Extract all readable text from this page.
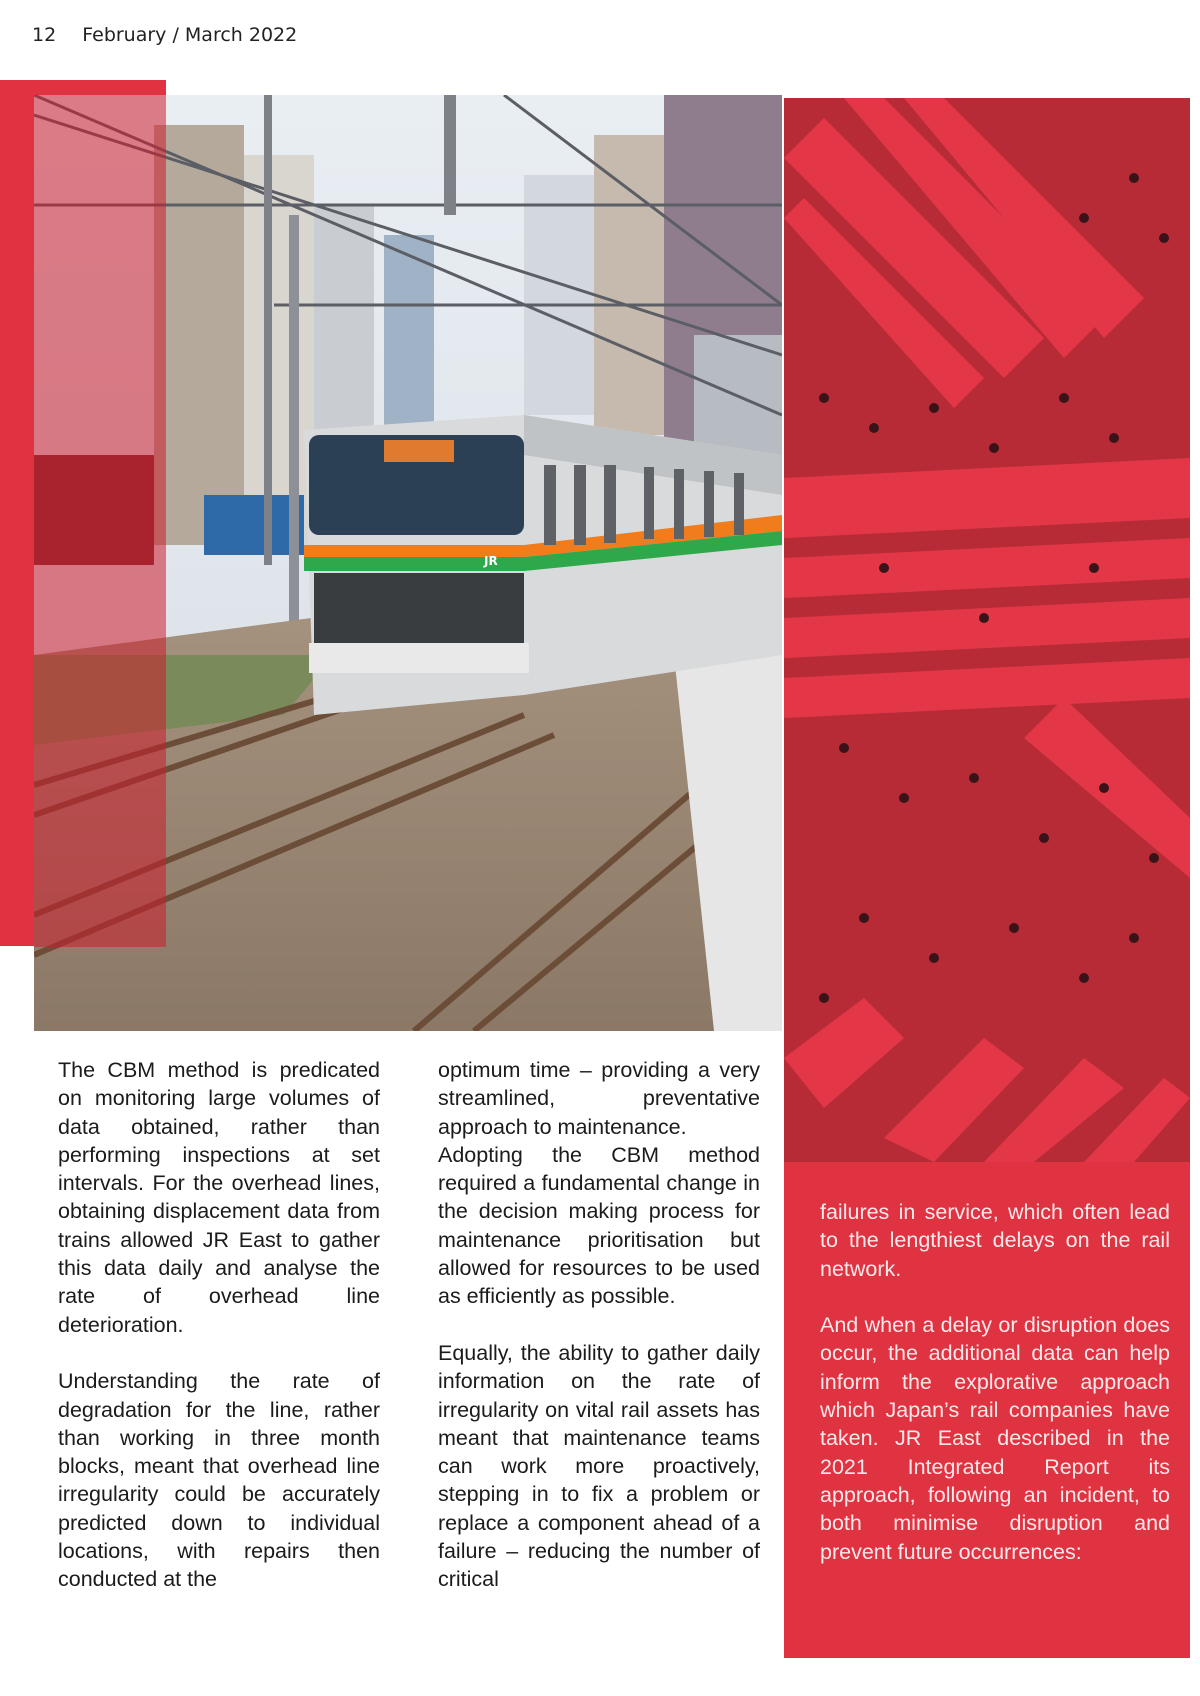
12 February / March 2022
JR

The CBM method is predicated on monitoring large volumes of data obtained, rather than performing inspections at set intervals. For the overhead lines, obtaining displacement data from trains allowed JR East to gather this data daily and analyse the rate of overhead line deterioration.

Understanding the rate of degradation for the line, rather than working in three month blocks, meant that overhead line irregularity could be accurately predicted down to individual locations, with repairs then conducted at the

optimum time – providing a very streamlined, preventative approach to maintenance.

Adopting the CBM method required a fundamental change in the decision making process for maintenance prioritisation but allowed for resources to be used as efficiently as possible.

Equally, the ability to gather daily information on the rate of irregularity on vital rail assets has meant that maintenance teams can work more proactively, stepping in to fix a problem or replace a component ahead of a failure – reducing the number of critical

failures in service, which often lead to the lengthiest delays on the rail network.

And when a delay or disruption does occur, the additional data can help inform the explorative approach which Japan’s rail companies have taken. JR East described in the 2021 Integrated Report its approach, following an incident, to both minimise disruption and prevent future occurrences:
